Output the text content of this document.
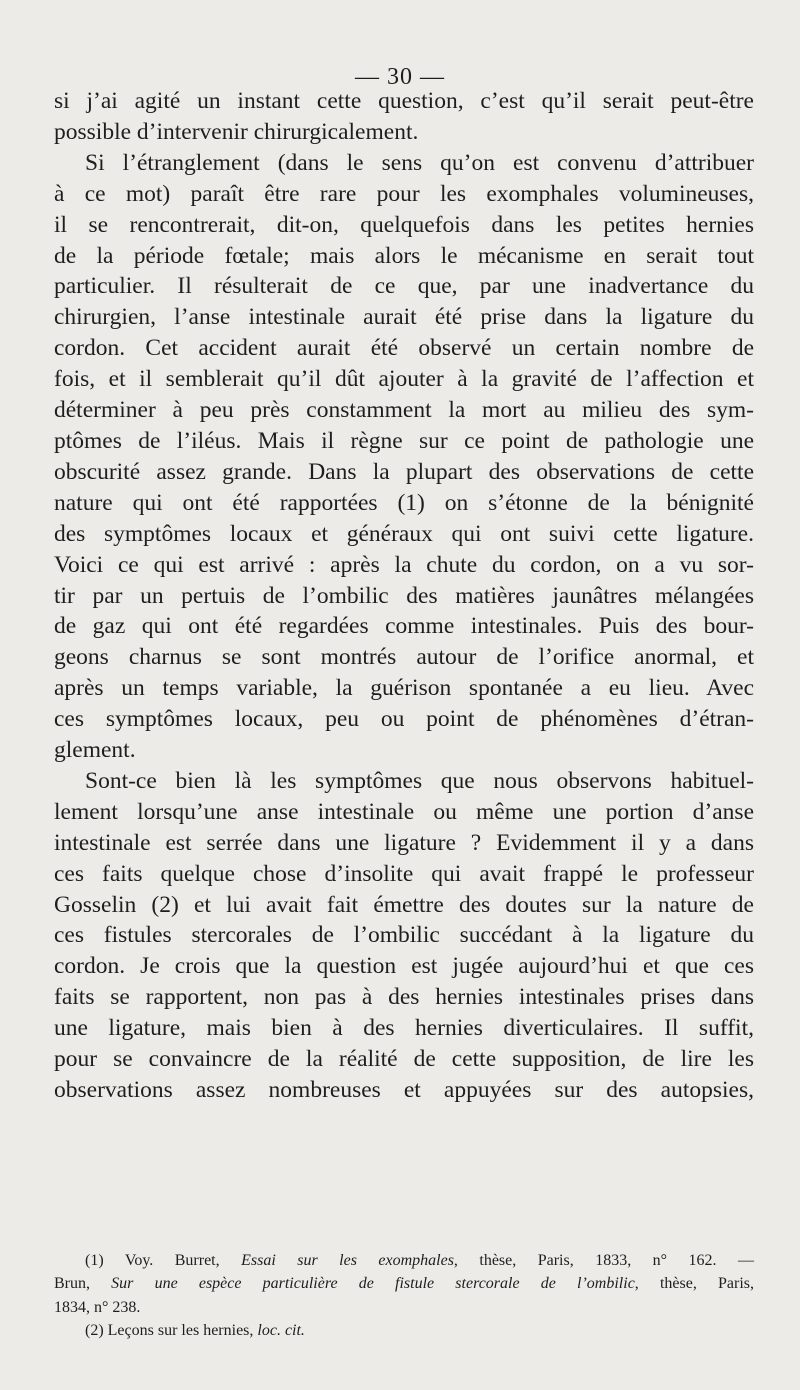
— 30 —
si j’ai agité un instant cette question, c’est qu’il serait peut-être
possible d’intervenir chirurgicalement.
Si l’étranglement (dans le sens qu’on est convenu d’attribuer
à ce mot) paraît être rare pour les exomphales volumineuses,
il se rencontrerait, dit-on, quelquefois dans les petites hernies
de la période fœtale; mais alors le mécanisme en serait tout
particulier. Il résulterait de ce que, par une inadvertance du
chirurgien, l’anse intestinale aurait été prise dans la ligature du
cordon. Cet accident aurait été observé un certain nombre de
fois, et il semblerait qu’il dût ajouter à la gravité de l’affection et
déterminer à peu près constamment la mort au milieu des sym-
ptômes de l’iléus. Mais il règne sur ce point de pathologie une
obscurité assez grande. Dans la plupart des observations de cette
nature qui ont été rapportées (1) on s’étonne de la bénignité
des symptômes locaux et généraux qui ont suivi cette ligature.
Voici ce qui est arrivé : après la chute du cordon, on a vu sor-
tir par un pertuis de l’ombilic des matières jaunâtres mélangées
de gaz qui ont été regardées comme intestinales. Puis des bour-
geons charnus se sont montrés autour de l’orifice anormal, et
après un temps variable, la guérison spontanée a eu lieu. Avec
ces symptômes locaux, peu ou point de phénomènes d’étran-
glement.
Sont-ce bien là les symptômes que nous observons habituel-
lement lorsqu’une anse intestinale ou même une portion d’anse
intestinale est serrée dans une ligature ? Evidemment il y a dans
ces faits quelque chose d’insolite qui avait frappé le professeur
Gosselin (2) et lui avait fait émettre des doutes sur la nature de
ces fistules stercorales de l’ombilic succédant à la ligature du
cordon. Je crois que la question est jugée aujourd’hui et que ces
faits se rapportent, non pas à des hernies intestinales prises dans
une ligature, mais bien à des hernies diverticulaires. Il suffit,
pour se convaincre de la réalité de cette supposition, de lire les
observations assez nombreuses et appuyées sur des autopsies,
(1) Voy. Burret, Essai sur les exomphales, thèse, Paris, 1833, n° 162. —
Brun, Sur une espèce particulière de fistule stercorale de l’ombilic, thèse, Paris,
1834, n° 238.
(2) Leçons sur les hernies, loc. cit.
